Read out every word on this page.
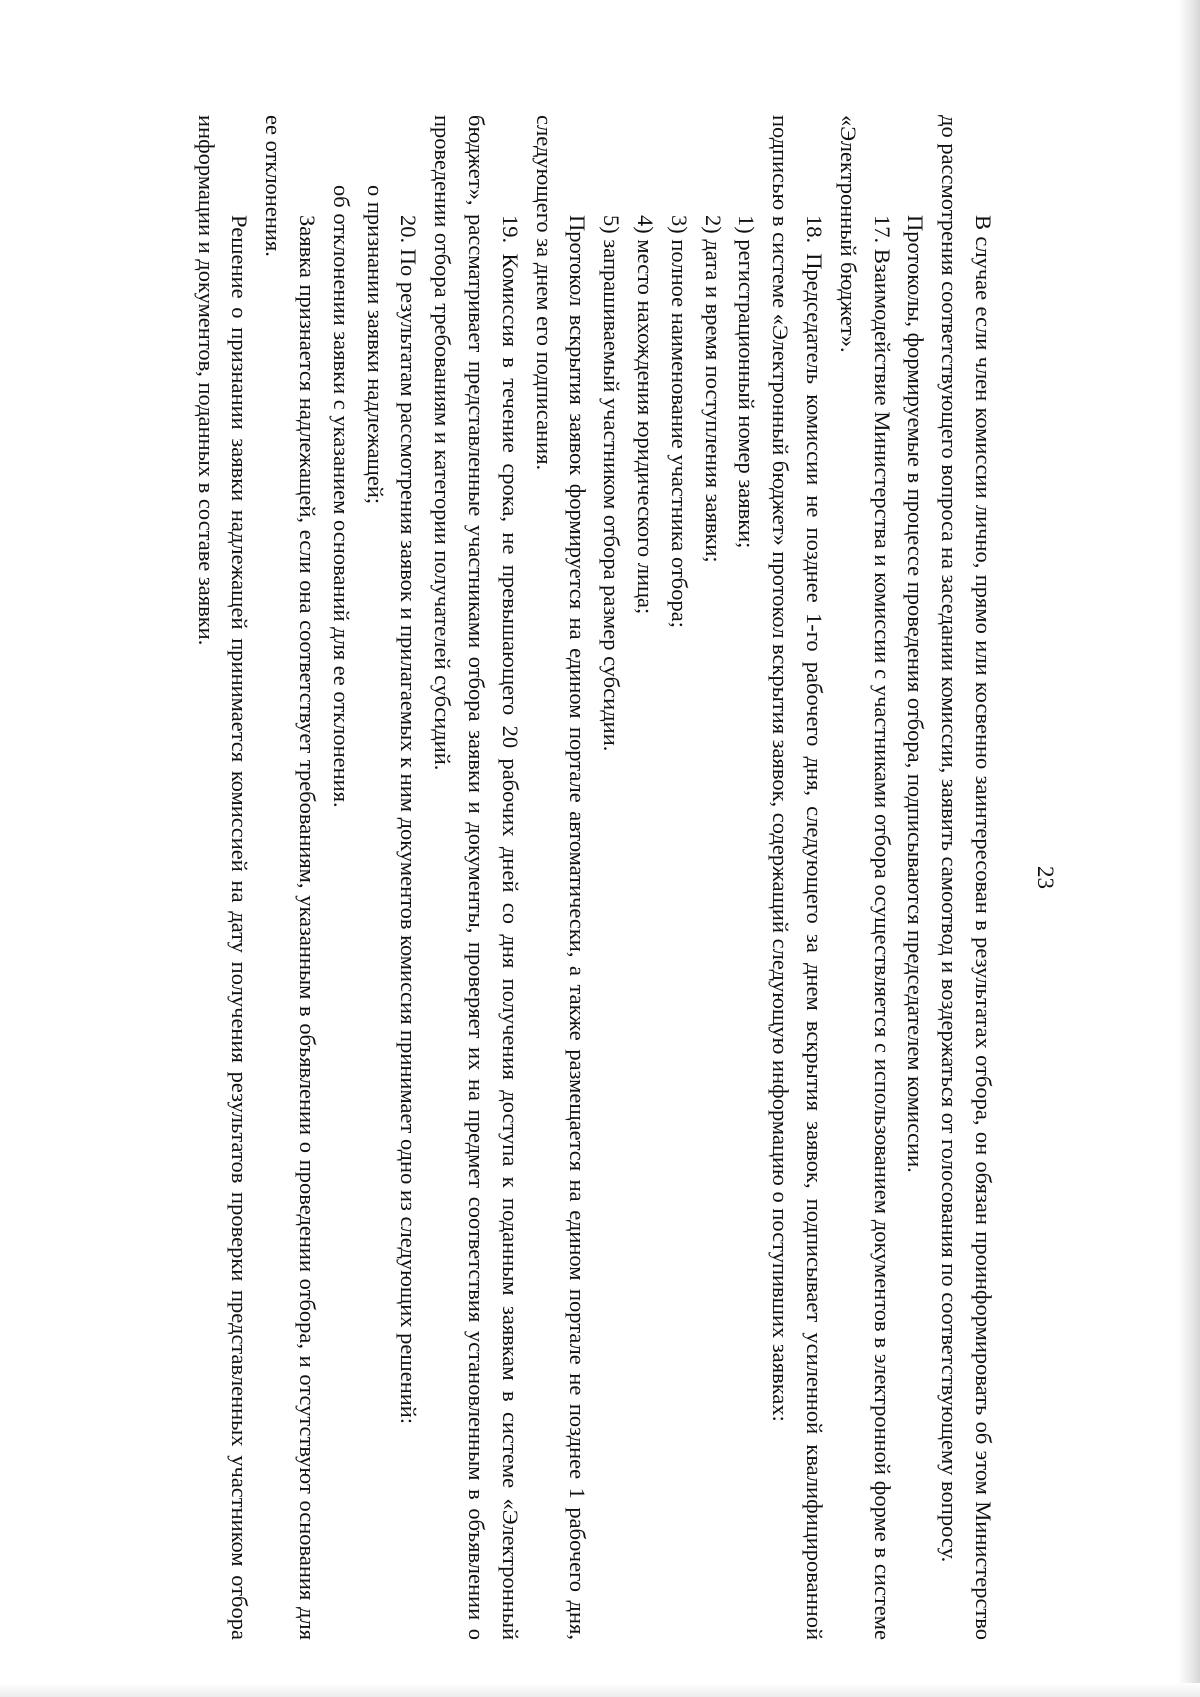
23

В случае если член комиссии лично, прямо или косвенно заинтересован в результатах отбора, он обязан проинформировать об этом Министерство до рассмотрения соответствующего вопроса на заседании комиссии, заявить самоотвод и воздержаться от голосования по соответствующему вопросу.

Протоколы, формируемые в процессе проведения отбора, подписываются председателем комиссии.

17. Взаимодействие Министерства и комиссии с участниками отбора осуществляется с использованием документов в электронной форме в системе «Электронный бюджет».

18. Председатель комиссии не позднее 1-го рабочего дня, следующего за днем вскрытия заявок, подписывает усиленной квалифицированной подписью в системе «Электронный бюджет» протокол вскрытия заявок, содержащий следующую информацию о поступивших заявках:

1) регистрационный номер заявки;

2) дата и время поступления заявки;

3) полное наименование участника отбора;

4) место нахождения юридического лица;

5) запрашиваемый участником отбора размер субсидии.

Протокол вскрытия заявок формируется на едином портале автоматически, а также размещается на едином портале не позднее 1 рабочего дня, следующего за днем его подписания.

19. Комиссия в течение срока, не превышающего 20 рабочих дней со дня получения доступа к поданным заявкам в системе «Электронный бюджет», рассматривает представленные участниками отбора заявки и документы, проверяет их на предмет соответствия установленным в объявлении о проведении отбора требованиям и категории получателей субсидий.

20. По результатам рассмотрения заявок и прилагаемых к ним документов комиссия принимает одно из следующих решений:

о признании заявки надлежащей;

об отклонении заявки с указанием оснований для ее отклонения.

Заявка признается надлежащей, если она соответствует требованиям, указанным в объявлении о проведении отбора, и отсутствуют основания для ее отклонения.

Решение о признании заявки надлежащей принимается комиссией на дату получения результатов проверки представленных участником отбора информации и документов, поданных в составе заявки.
